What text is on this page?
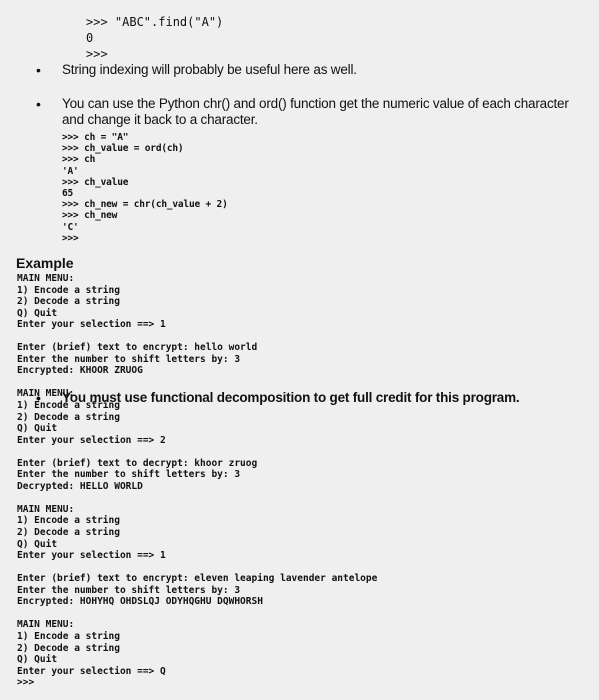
>>> "ABC".find("A")
0
>>>
• String indexing will probably be useful here as well.
• You can use the Python chr() and ord() function get the numeric value of each character
and change it back to a character.
>>> ch = "A"
>>> ch_value = ord(ch)
>>> ch
'A'
>>> ch_value
65
>>> ch_new = chr(ch_value + 2)
>>> ch_new
'C'
>>>
• You must use functional decomposition to get full credit for this program.
Example
MAIN MENU:
1) Encode a string
2) Decode a string
Q) Quit
Enter your selection ==> 1
Enter (brief) text to encrypt: hello world
Enter the number to shift letters by: 3
Encrypted: KHOOR ZRUOG
MAIN MENU:
1) Encode a string
2) Decode a string
Q) Quit
Enter your selection ==> 2
Enter (brief) text to decrypt: khoor zruog
Enter the number to shift letters by: 3
Decrypted: HELLO WORLD
MAIN MENU:
1) Encode a string
2) Decode a string
Q) Quit
Enter your selection ==> 1
Enter (brief) text to encrypt: eleven leaping lavender antelope
Enter the number to shift letters by: 3
Encrypted: HOHYHQ OHDSLQJ ODYHQGHU DQWHORSH
MAIN MENU:
1) Encode a string
2) Decode a string
Q) Quit
Enter your selection ==> Q
>>>
